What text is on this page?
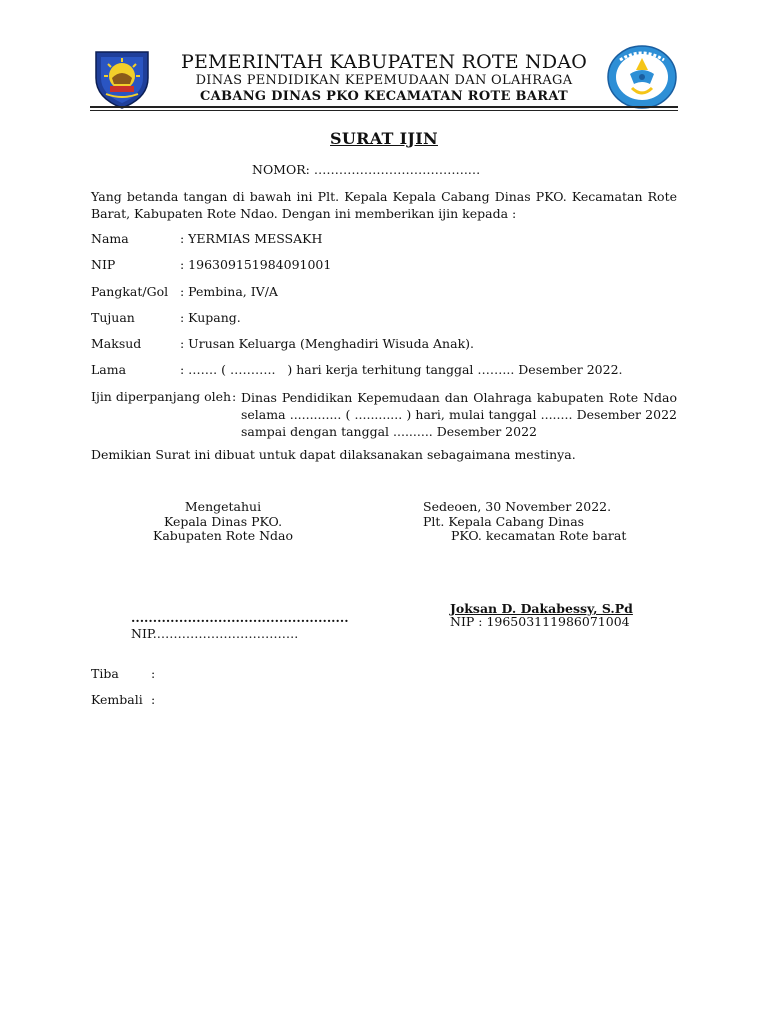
PEMERINTAH KABUPATEN ROTE NDAO
DINAS PENDIDIKAN KEPEMUDAAN DAN OLAHRAGA
CABANG DINAS PKO KECAMATAN ROTE BARAT
SURAT IJIN
NOMOR: ……………………………….…
Yang betanda tangan di bawah ini Plt. Kepala Kepala Cabang Dinas PKO. Kecamatan Rote Barat, Kabupaten Rote Ndao. Dengan ini memberikan ijin kepada :
Nama	: YERMIAS MESSAKH
NIP	: 196309151984091001
Pangkat/Gol : Pembina, IV/A
Tujuan	: Kupang.
Maksud	: Urusan Keluarga (Menghadiri Wisuda Anak).
Lama	: ……. ( ………..   ) hari kerja terhitung tanggal ……... Desember 2022.
Ijin diperpanjang oleh : Dinas Pendidikan Kepemudaan dan Olahraga kabupaten Rote Ndao selama ............. ( ............ ) hari, mulai tanggal ........ Desember 2022 sampai dengan tanggal .......... Desember 2022
Demikian Surat ini dibuat untuk dapat dilaksanakan sebagaimana mestinya.
Mengetahui
Kepala Dinas PKO.
Kabupaten Rote Ndao
Sedeoen, 30 November 2022.
Plt. Kepala Cabang Dinas
PKO. kecamatan Rote barat
Joksan D. Dakabessy, S.Pd
NIP : 196503111986071004
..................................................
NIP.…………………………….
Tiba	:
Kembali :
